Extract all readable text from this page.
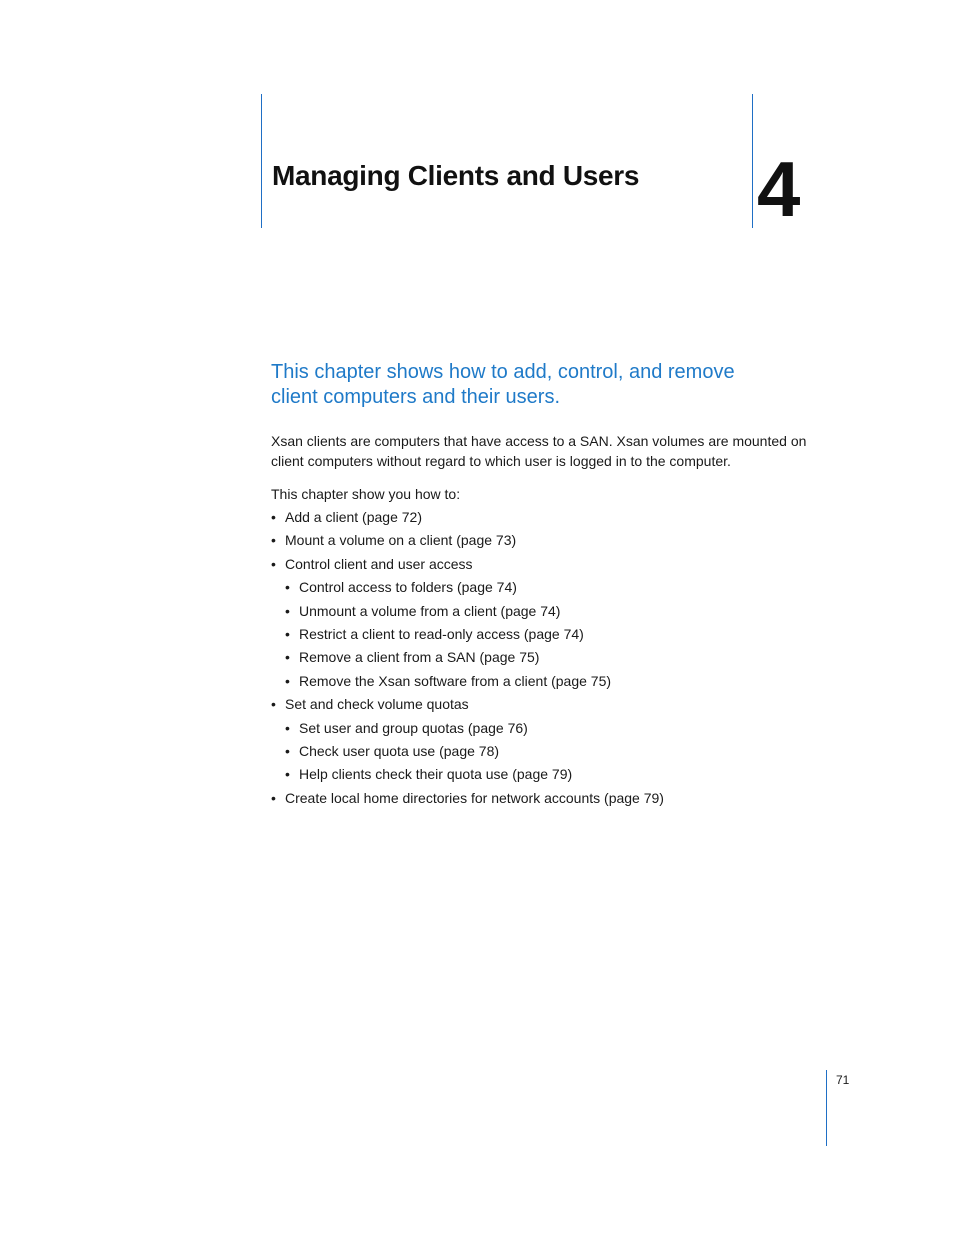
Managing Clients and Users 4

This chapter shows how to add, control, and remove client computers and their users.

Xsan clients are computers that have access to a SAN. Xsan volumes are mounted on client computers without regard to which user is logged in to the computer.

This chapter show you how to:

• Add a client (page 72)
• Mount a volume on a client (page 73)
• Control client and user access
• Control access to folders (page 74)
• Unmount a volume from a client (page 74)
• Restrict a client to read-only access (page 74)
• Remove a client from a SAN (page 75)
• Remove the Xsan software from a client (page 75)
• Set and check volume quotas
• Set user and group quotas (page 76)
• Check user quota use (page 78)
• Help clients check their quota use (page 79)
• Create local home directories for network accounts (page 79)
71
